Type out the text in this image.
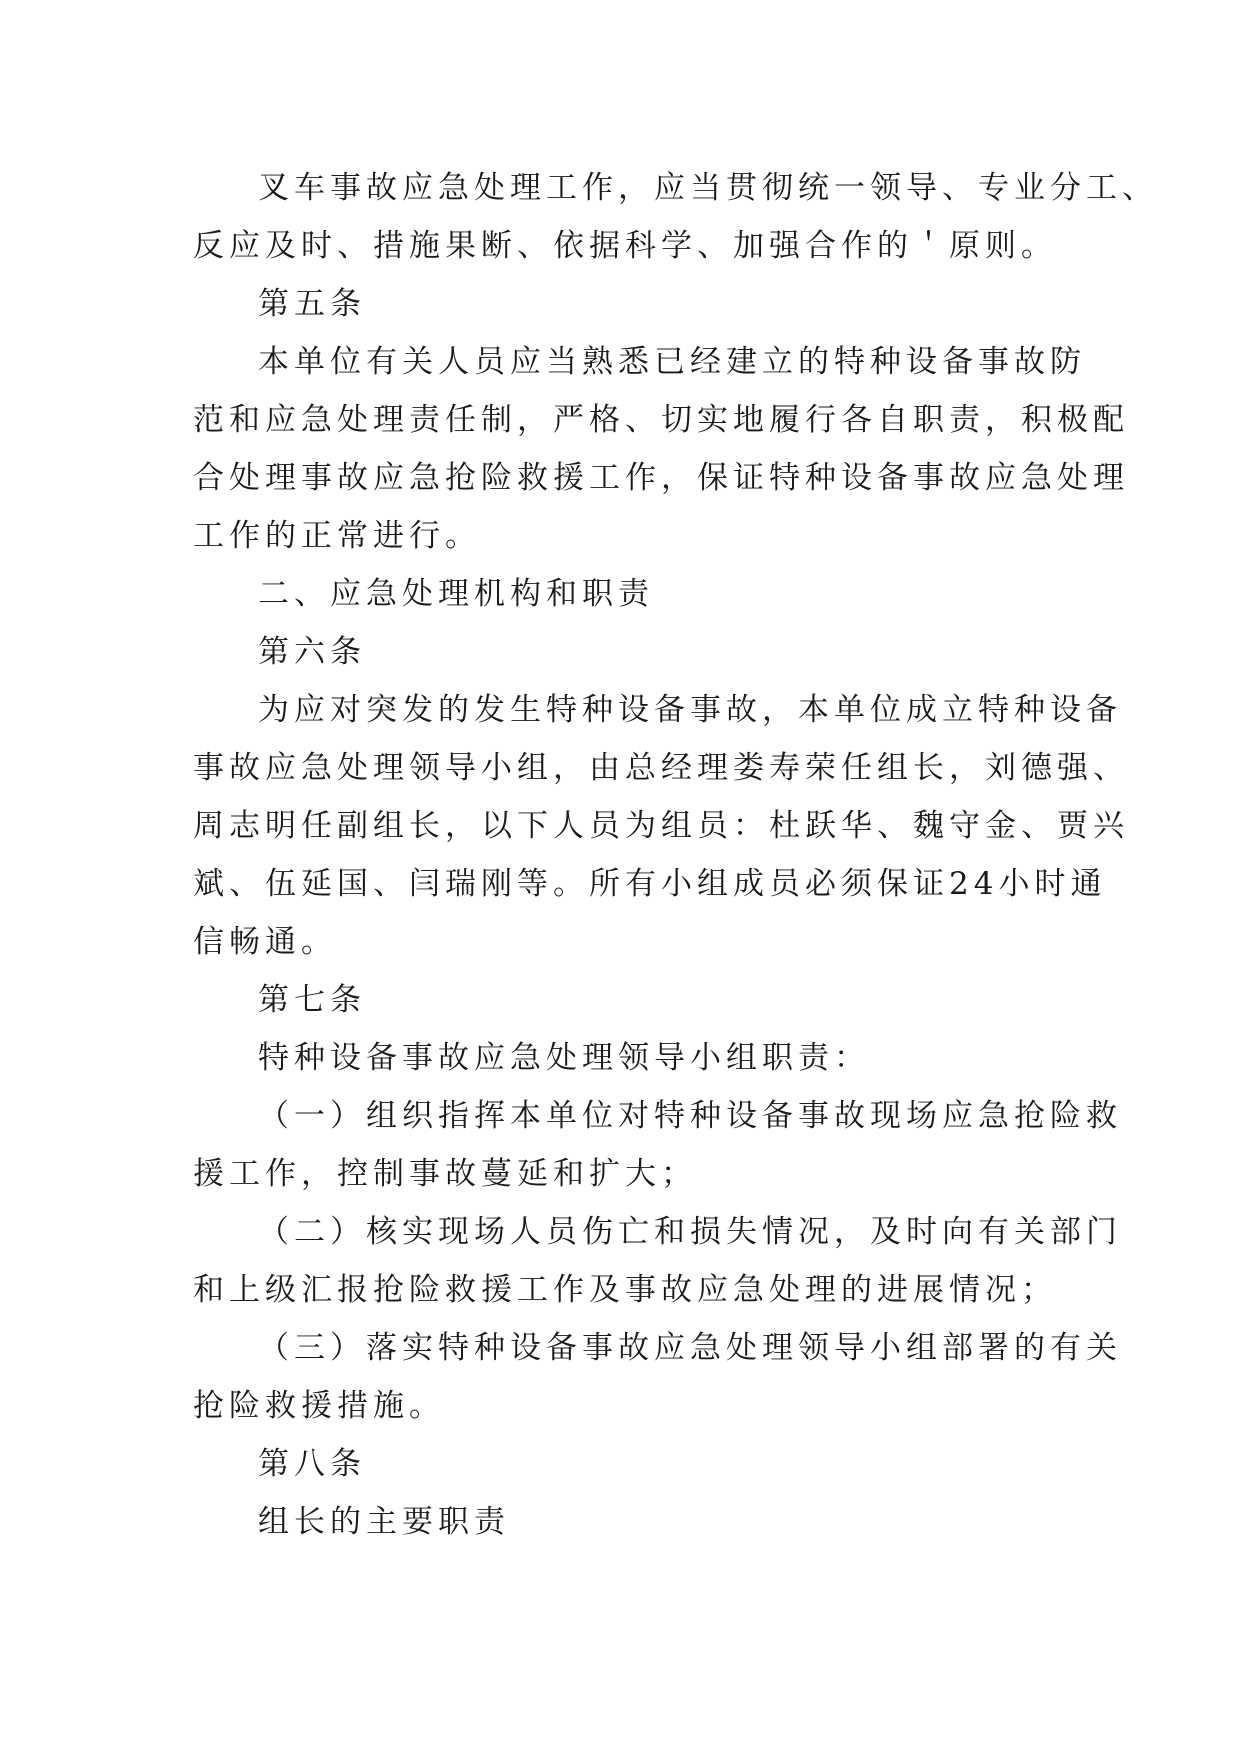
叉车事故应急处理工作，应当贯彻统一领导、专业分工、

反应及时、措施果断、依据科学、加强合作的＇原则。

第五条

本单位有关人员应当熟悉已经建立的特种设备事故防

范和应急处理责任制，严格、切实地履行各自职责，积极配

合处理事故应急抢险救援工作，保证特种设备事故应急处理

工作的正常进行。

二、应急处理机构和职责

第六条

为应对突发的发生特种设备事故，本单位成立特种设备

事故应急处理领导小组，由总经理娄寿荣任组长，刘德强、

周志明任副组长，以下人员为组员：杜跃华、魏守金、贾兴

斌、伍延国、闫瑞刚等。所有小组成员必须保证24小时通

信畅通。

第七条

特种设备事故应急处理领导小组职责：

（一）组织指挥本单位对特种设备事故现场应急抢险救

援工作，控制事故蔓延和扩大；

（二）核实现场人员伤亡和损失情况，及时向有关部门

和上级汇报抢险救援工作及事故应急处理的进展情况；

（三）落实特种设备事故应急处理领导小组部署的有关

抢险救援措施。

第八条

组长的主要职责
